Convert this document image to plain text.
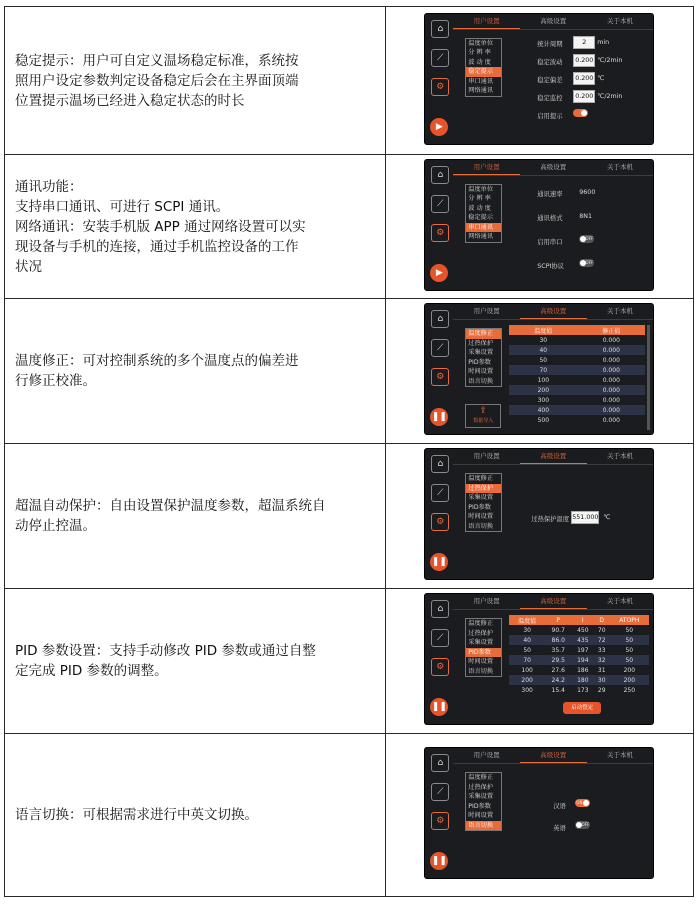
稳定提示：用户可自定义温场稳定标准，系统按
照用户设定参数判定设备稳定后会在主界面顶端
位置提示温场已经进入稳定状态的时长

⌂
⟋
⚙
▶
用户设置	高级设置	关于本机
温度单位
分 辨 率
波 动 度
稳定提示
串口通讯
网络通讯
统计周期	2	min
稳定波动	0.200 ℃/2min
稳定偏差	0.200 ℃
稳定监控	0.200 ℃/2min
启用提示

通讯功能：
支持串口通讯、可进行 SCPI 通讯。
网络通讯：安装手机版 APP 通过网络设置可以实
现设备与手机的连接，通过手机监控设备的工作
状况

⌂
⟋
⚙
▶
用户设置	高级设置	关于本机
温度单位
分 辨 率
波 动 度
稳定提示
串口通讯
网络通讯
通讯速率	9600
通讯格式	8N1
启用串口
OFF
SCPI协议
OFF

温度修正：可对控制系统的多个温度点的偏差进
行修正校准。

⌂
⟋
⚙
❚❚
用户设置	高级设置	关于本机
温度修正
过热保护
采集设置
PID参数
时间设置
语言切换
⇪
数据导入
温度值	修正值
30	0.000
40	0.000
50	0.000
70	0.000
100	0.000
200	0.000
300	0.000
400	0.000
500	0.000

超温自动保护：自由设置保护温度参数，超温系统自
动停止控温。

⌂
⟋
⚙
❚❚
用户设置	高级设置	关于本机
温度修正
过热保护
采集设置
PID参数
时间设置
语言切换
过热保护温度 551.000 ℃

PID 参数设置：支持手动修改 PID 参数或通过自整
定完成 PID 参数的调整。

⌂
⟋
⚙
❚❚
用户设置	高级设置	关于本机
温度修正
过热保护
采集设置
PID参数
时间设置
语言切换
温度值	P	I	D	ATOPH
30	90.7	450	70	50
40	86.0	435	72	50
50	35.7	197	33	50
70	29.5	194	32	50
100	27.6	186	31	200
200	24.2	180	30	200
300	15.4	173	29	250
启动整定

语言切换：可根据需求进行中英文切换。

⌂
⟋
⚙
❚❚
用户设置	高级设置	关于本机
温度修正
过热保护
采集设置
PID参数
时间设置
语言切换
汉语
ON
英语
OFF
